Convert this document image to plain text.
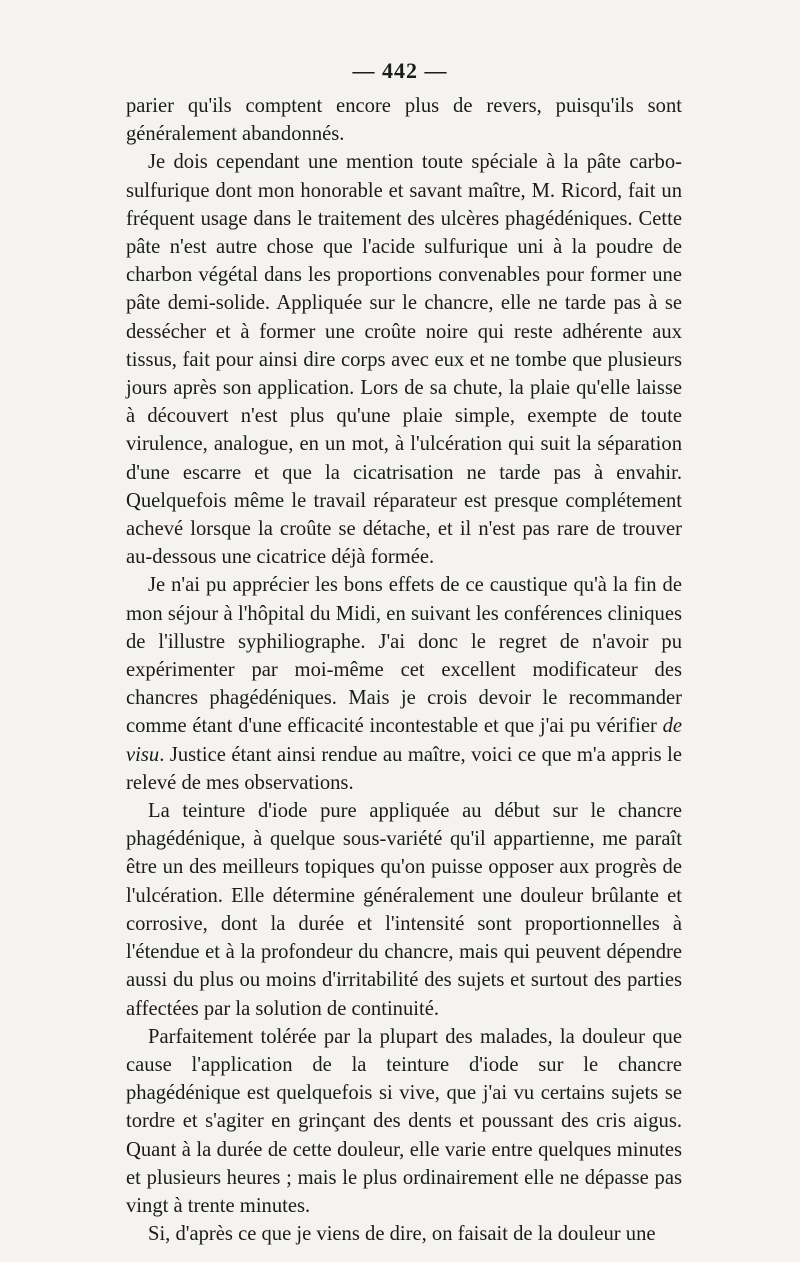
— 442 —

parier qu'ils comptent encore plus de revers, puisqu'ils sont généralement abandonnés.

Je dois cependant une mention toute spéciale à la pâte carbo-sulfurique dont mon honorable et savant maître, M. Ricord, fait un fréquent usage dans le traitement des ulcères phagédéniques. Cette pâte n'est autre chose que l'acide sulfurique uni à la poudre de charbon végétal dans les proportions convenables pour former une pâte demi-solide. Appliquée sur le chancre, elle ne tarde pas à se dessécher et à former une croûte noire qui reste adhérente aux tissus, fait pour ainsi dire corps avec eux et ne tombe que plusieurs jours après son application. Lors de sa chute, la plaie qu'elle laisse à découvert n'est plus qu'une plaie simple, exempte de toute virulence, analogue, en un mot, à l'ulcération qui suit la séparation d'une escarre et que la cicatrisation ne tarde pas à envahir. Quelquefois même le travail réparateur est presque complétement achevé lorsque la croûte se détache, et il n'est pas rare de trouver au-dessous une cicatrice déjà formée.

Je n'ai pu apprécier les bons effets de ce caustique qu'à la fin de mon séjour à l'hôpital du Midi, en suivant les conférences cliniques de l'illustre syphiliographe. J'ai donc le regret de n'avoir pu expérimenter par moi-même cet excellent modificateur des chancres phagédéniques. Mais je crois devoir le recommander comme étant d'une efficacité incontestable et que j'ai pu vérifier de visu. Justice étant ainsi rendue au maître, voici ce que m'a appris le relevé de mes observations.

La teinture d'iode pure appliquée au début sur le chancre phagédénique, à quelque sous-variété qu'il appartienne, me paraît être un des meilleurs topiques qu'on puisse opposer aux progrès de l'ulcération. Elle détermine généralement une douleur brûlante et corrosive, dont la durée et l'intensité sont proportionnelles à l'étendue et à la profondeur du chancre, mais qui peuvent dépendre aussi du plus ou moins d'irritabilité des sujets et surtout des parties affectées par la solution de continuité.

Parfaitement tolérée par la plupart des malades, la douleur que cause l'application de la teinture d'iode sur le chancre phagédénique est quelquefois si vive, que j'ai vu certains sujets se tordre et s'agiter en grinçant des dents et poussant des cris aigus. Quant à la durée de cette douleur, elle varie entre quelques minutes et plusieurs heures ; mais le plus ordinairement elle ne dépasse pas vingt à trente minutes.

Si, d'après ce que je viens de dire, on faisait de la douleur une
